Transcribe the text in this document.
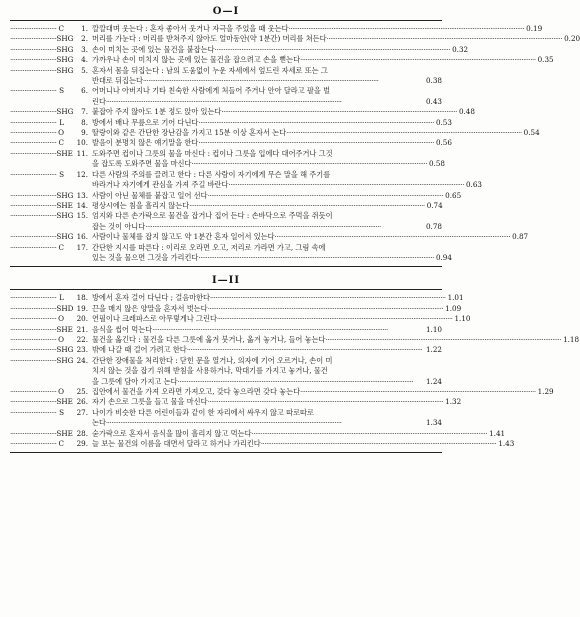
O—I
·····
C	1. 깔깔대며 웃는다 : 혼자 좋아서 웃거나 자극을 주었을 때 웃는다 ·····	0.19
·····
SHG	2. 머리를 가눈다 : 머리를 받쳐주지 않아도 얼마동안(약 1분간) 머리를 쳐든다 ·····	0.20
·····
SHG	3. 손이 미치는 곳에 있는 물건을 붙잡는다 ·····	0.32
·····
SHG	4. 가까우나 손이 미치지 않는 곳에 있는 물건을 잡으려고 손을 뻗는다 ·····	0.35
·····
SHG	5. 혼자서 몸을 뒤집는다 : 남의 도움없이 누운 자세에서 엎드린 자세로 또는 그
반대로 뒤집는다 ·····	0.38
·····
S	6. 어머니나 아버지나 기타 친숙한 사람에게 처들어 주거나 안아 달라고 팔을 벌
린다 ·····	0.43
·····
SHG	7. 붙잡아 주지 않아도 1분 정도 앉아 있는다 ·····	0.48
·····
L	8. 방에서 배나 무릎으로 기어 다닌다 ·····	0.53
·····
O	9. 딸랑이와 같은 간단한 장난감을 가지고 15분 이상 혼자서 논다 ·····	0.54
·····
C	10. 발음이 분명치 않은 얘기말을 한다 ·····	0.56
·····
SHE 11. 도와주면 컵이나 그릇의 물을 마신다 : 컵이나 그릇을 입에다 대어주거나 그것
을 잡도록 도와주면 물을 마신다 ·····	0.58
·····
S	12. 다른 사람의 주의를 끌려고 한다 : 다른 사람이 자기에게 무슨 말을 해 주기를
바라거나 자기에게 관심을 가져 주길 바란다 ·····	0.63
·····
SHG 13. 사람이 아닌 물체를 붙잡고 일어 선다 ·····	0.65
·····
SHE 14. 평상시에는 침을 흘리지 않는다 ·····	0.74
·····
SHG 15. 엄지와 다른 손가락으로 물건을 잡거나 집어 든다 : 손바닥으로 주먹을 쥐듯이
잡는 것이 아니다 ·····	0.78
·····
SHG 16. 사람이나 물체를 잡지 않고도 약 1분간 혼자 일어서 있는다 ·····	0.87
·····
C	17. 간단한 지시를 따른다 : 이리로 오라면 오고, 저리로 가라면 가고, 그림 속에
있는 것을 물으면 그것을 가리킨다 ·····	0.94
I—II
·····
L	18. 방에서 혼자 걸어 다닌다 ; 걸음마한다 ·····	1.01
·····
SHD 19. 끈을 매지 않은 양말을 혼자서 벗는다 ·····	1.09
·····
O	20. 연필이나 크레파스로 아무렇게나 그린다 ·····	1.10
·····
SHE 21. 음식을 씹어 먹는다 ·····	1.10
·····
O	22. 물건을 옮긴다 : 물건을 다른 그릇에 옮겨 붓거나, 옮겨 놓거나, 들어 놓는다 ·····	1.18
·····
SHG 23. 밖에 나갈 때 걸어 가려고 한다 ·····	1.22
·····
SHG 24. 간단한 장애물을 처리한다 : 닫힌 문을 열거나, 의자에 기어 오르거나, 손이 미
치지 않는 것을 잡기 위해 받침을 사용하거나, 막대기를 가지고 놓거나, 물건
을 그릇에 담아 가지고 논다 ·····	1.24
·····
O	25. 집안에서 물건을 가져 오라면 가져오고, 갖다 놓으라면 갖다 놓는다 ·····	1.29
·····
SHE 26. 자기 손으로 그릇을 들고 물을 마신다 ·····	1.32
·····
S	27. 나이가 비슷한 다른 어린이들과 같이 한 자리에서 싸우지 않고 따로따로
논다 ·····	1.34
·····
SHE 28. 숟가락으로 혼자서 음식을 많이 흘리지 않고 먹는다 ·····	1.41
·····
C	29. 늘 보는 물건의 이름을 대면서 달라고 하거나 가리킨다 ·····	1.43
